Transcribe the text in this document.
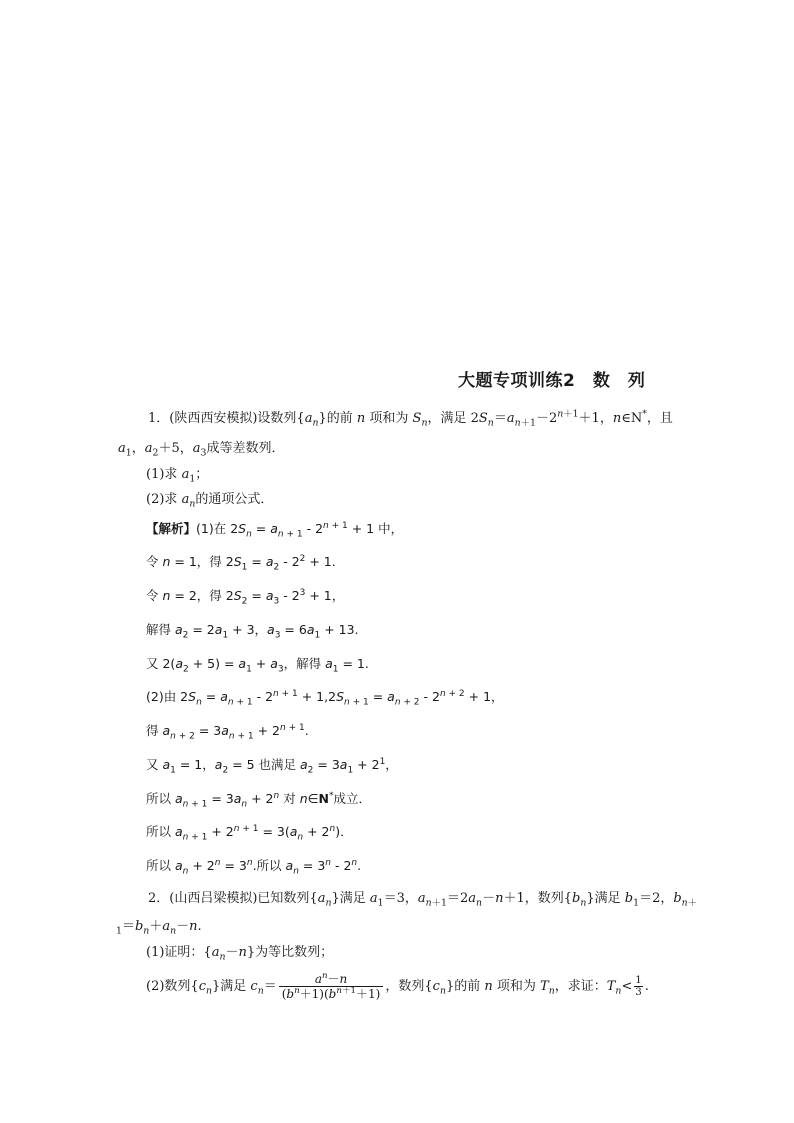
大题专项训练2　数　列
1．(陕西西安模拟)设数列$\{a_n\}$的前 n 项和为 $S_n$，满足 $2S_n=a_{n+1}-2^{n+1}+1$，n∈N*，且
$a_1$，$a_2+5$，$a_3$成等差数列．
(1)求 $a_1$；
(2)求 $a_n$的通项公式．
【解析】(1)在 $2S_n = a_{n + 1} - 2^{n + 1} + 1$ 中，
令 n = 1，得 $2S_1 = a_2 - 2^2 + 1$.
令 n = 2，得 $2S_2 = a_3 - 2^3 + 1$，
解得 $a_2 = 2a_1 + 3$，$a_3 = 6a_1 + 13$.
又 $2(a_2 + 5) = a_1 + a_3$，解得 $a_1 = 1$.
(2)由 $2S_n = a_{n + 1} - 2^{n + 1} + 1,2S_{n + 1} = a_{n + 2} - 2^{n + 2} + 1$，
得 $a_{n + 2} = 3a_{n + 1} + 2^{n + 1}$.
又 $a_1 = 1$，$a_2 = 5$ 也满足 $a_2 = 3a_1 + 2^1$，
所以 $a_{n + 1} = 3a_n + 2^n$ 对 n∈N*成立．
所以 $a_{n + 1} + 2^{n + 1} = 3(a_n + 2^n)$．
所以 $a_n + 2^n = 3^n$.所以 $a_n = 3^n - 2^n$.
2．(山西吕梁模拟)已知数列$\{a_n\}$满足 $a_1=3$，$a_{n+1}=2a_n-n+1$，数列$\{b_n\}$满足 $b_1=2$，$b_{n+}$
$_1=b_n+a_n-n$.
(1)证明：$\{a_n-n\}$为等比数列；
(2)数列$\{c_n\}$满足 $c_n= \frac{a^n-n}{(b^n+1)(b^{n+1}+1)}$ ，数列$\{c_n\}$的前 n 项和为 $T_n$，求证：$T_n< \frac{1}{3}$ .
